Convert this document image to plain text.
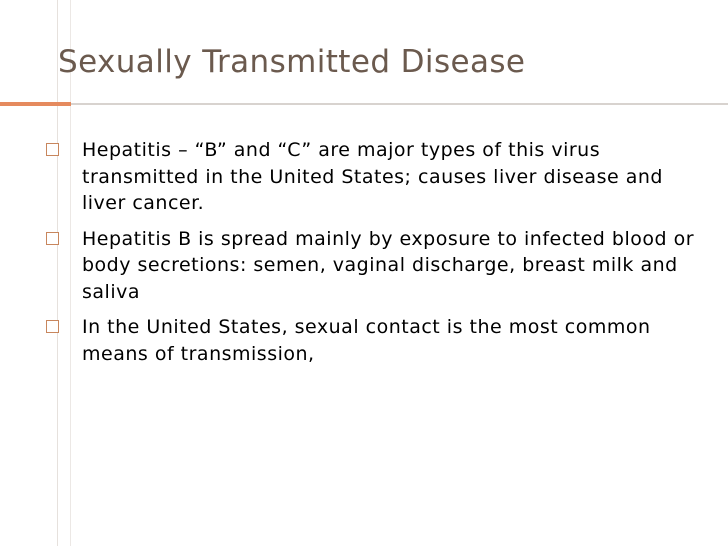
Sexually Transmitted Disease
Hepatitis – “B” and “C” are major types of this virus transmitted in the United States; causes liver disease and liver cancer.
Hepatitis B is spread mainly by exposure to infected blood or body secretions: semen, vaginal discharge, breast milk and saliva
In the United States, sexual contact is the most common means of transmission,
